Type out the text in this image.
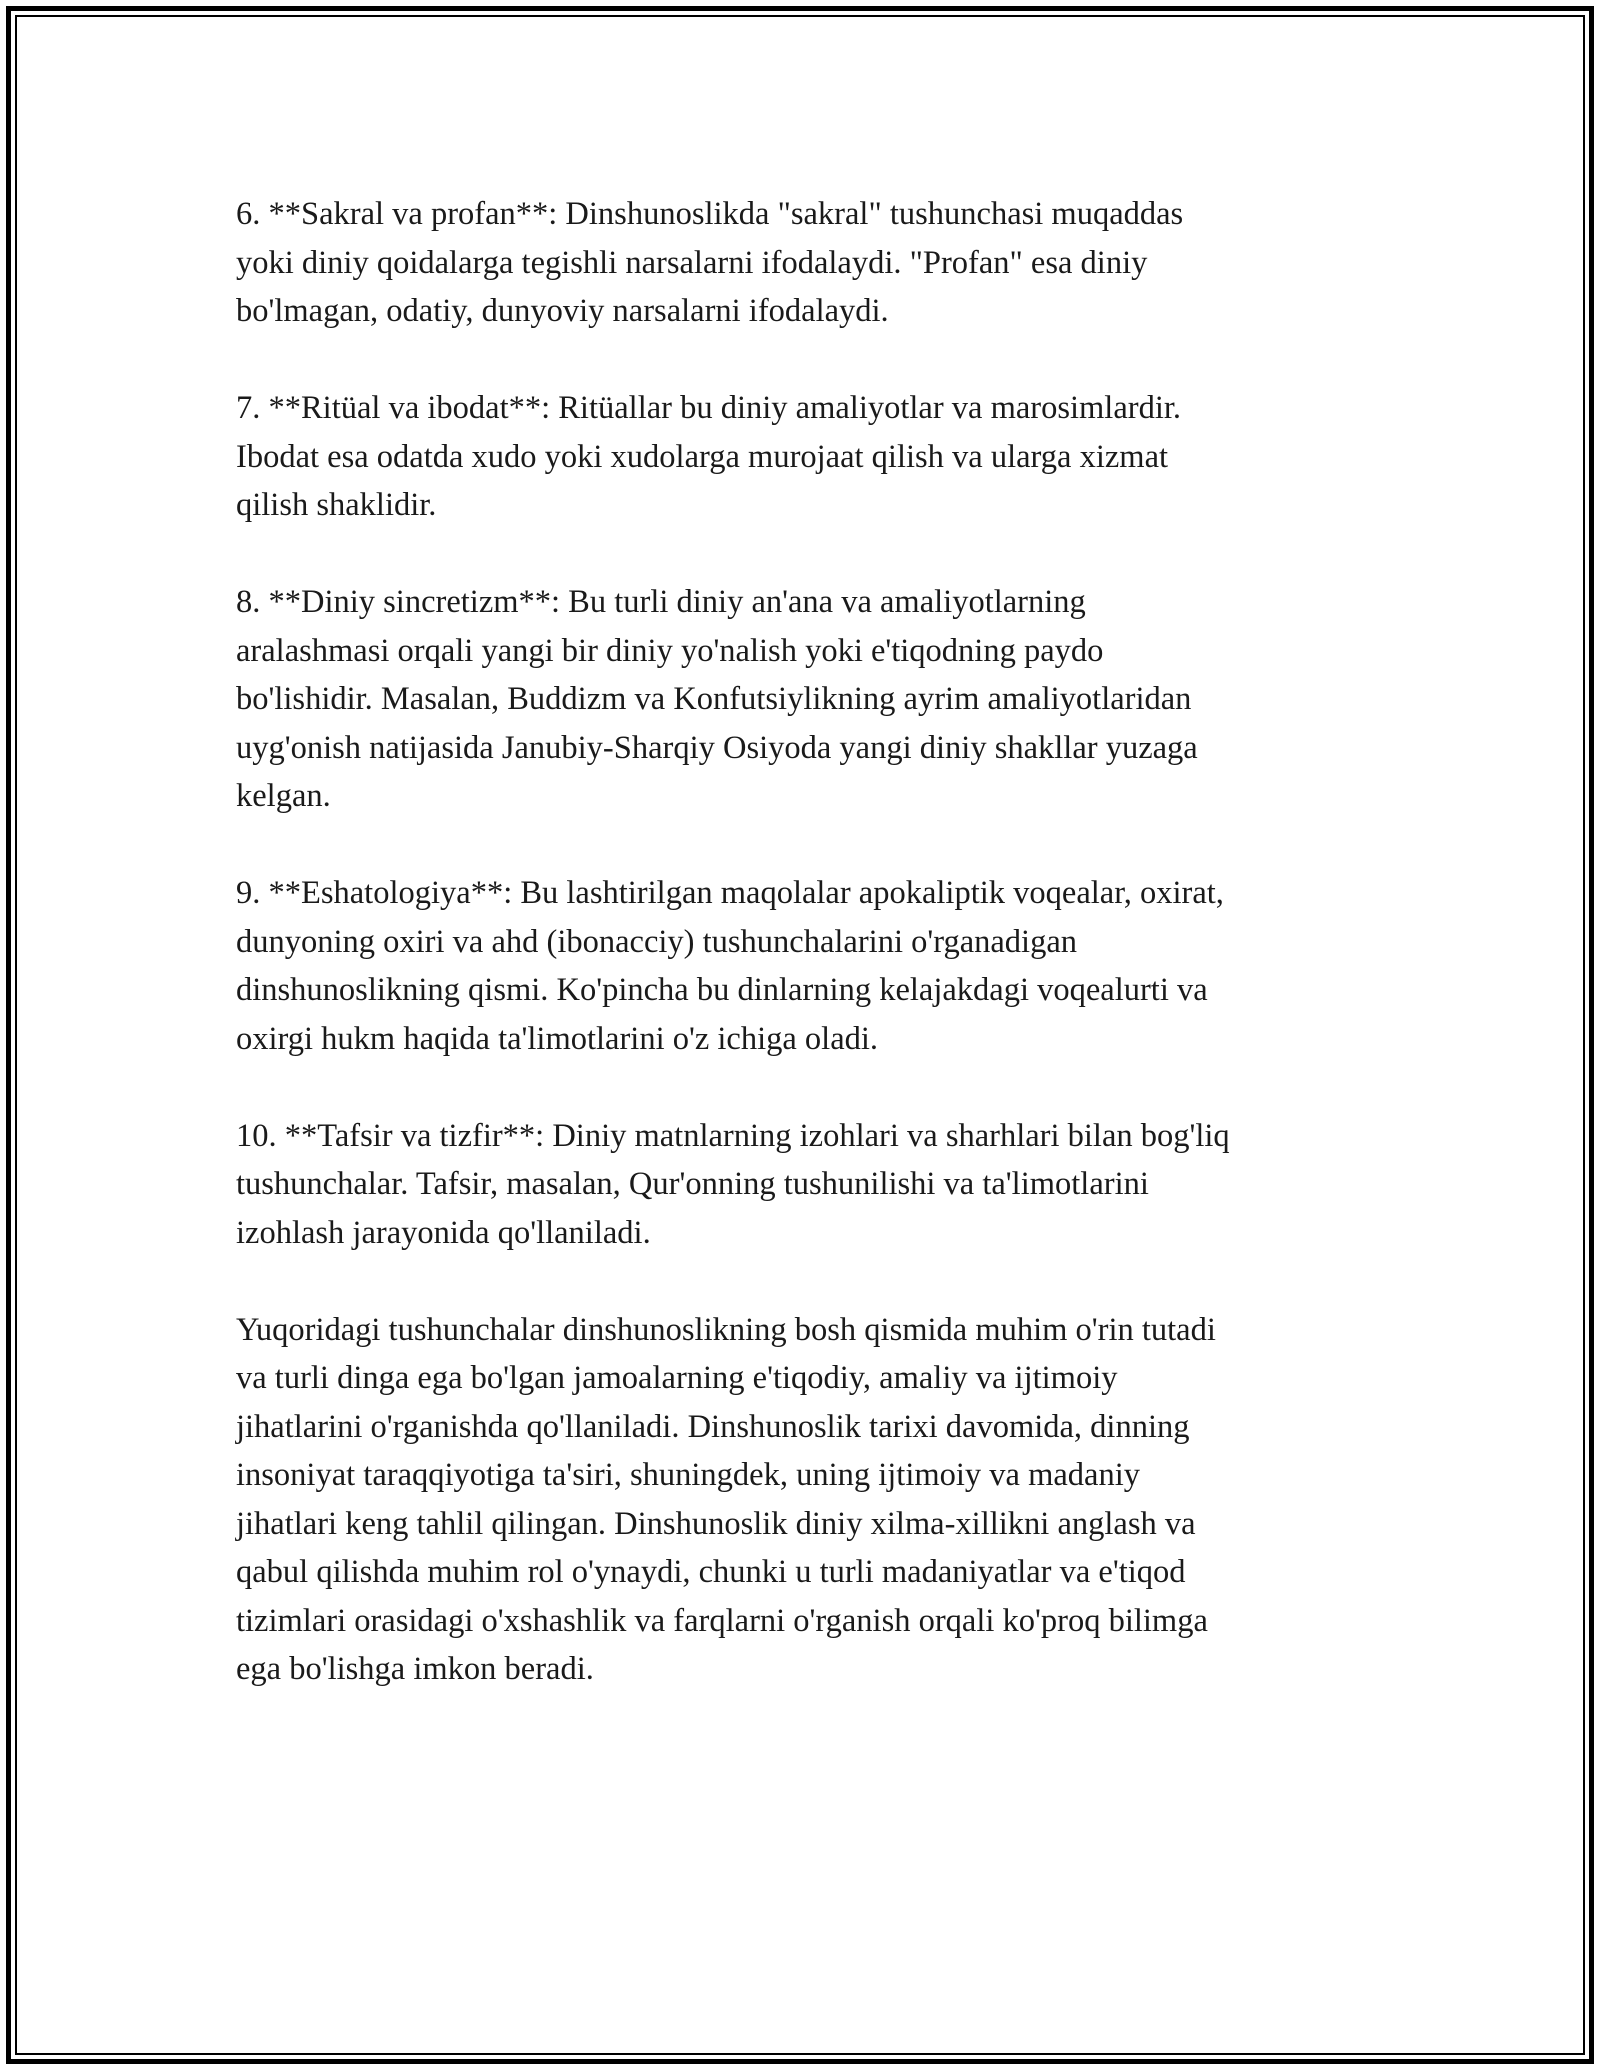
6. **Sakral va profan**: Dinshunoslikda "sakral" tushunchasi muqaddas
yoki diniy qoidalarga tegishli narsalarni ifodalaydi. "Profan" esa diniy
bo'lmagan, odatiy, dunyoviy narsalarni ifodalaydi.

7. **Ritüal va ibodat**: Ritüallar bu diniy amaliyotlar va marosimlardir.
Ibodat esa odatda xudo yoki xudolarga murojaat qilish va ularga xizmat
qilish shaklidir.

8. **Diniy sincretizm**: Bu turli diniy an'ana va amaliyotlarning
aralashmasi orqali yangi bir diniy yo'nalish yoki e'tiqodning paydo
bo'lishidir. Masalan, Buddizm va Konfutsiylikning ayrim amaliyotlaridan
uyg'onish natijasida Janubiy-Sharqiy Osiyoda yangi diniy shakllar yuzaga
kelgan.

9. **Eshatologiya**: Bu lashtirilgan maqolalar apokaliptik voqealar, oxirat,
dunyoning oxiri va ahd (ibonacciy) tushunchalarini o'rganadigan
dinshunoslikning qismi. Ko'pincha bu dinlarning kelajakdagi voqealurti va
oxirgi hukm haqida ta'limotlarini o'z ichiga oladi.

10. **Tafsir va tizfir**: Diniy matnlarning izohlari va sharhlari bilan bog'liq
tushunchalar. Tafsir, masalan, Qur'onning tushunilishi va ta'limotlarini
izohlash jarayonida qo'llaniladi.

Yuqoridagi tushunchalar dinshunoslikning bosh qismida muhim o'rin tutadi
va turli dinga ega bo'lgan jamoalarning e'tiqodiy, amaliy va ijtimoiy
jihatlarini o'rganishda qo'llaniladi. Dinshunoslik tarixi davomida, dinning
insoniyat taraqqiyotiga ta'siri, shuningdek, uning ijtimoiy va madaniy
jihatlari keng tahlil qilingan. Dinshunoslik diniy xilma-xillikni anglash va
qabul qilishda muhim rol o'ynaydi, chunki u turli madaniyatlar va e'tiqod
tizimlari orasidagi o'xshashlik va farqlarni o'rganish orqali ko'proq bilimga
ega bo'lishga imkon beradi.
